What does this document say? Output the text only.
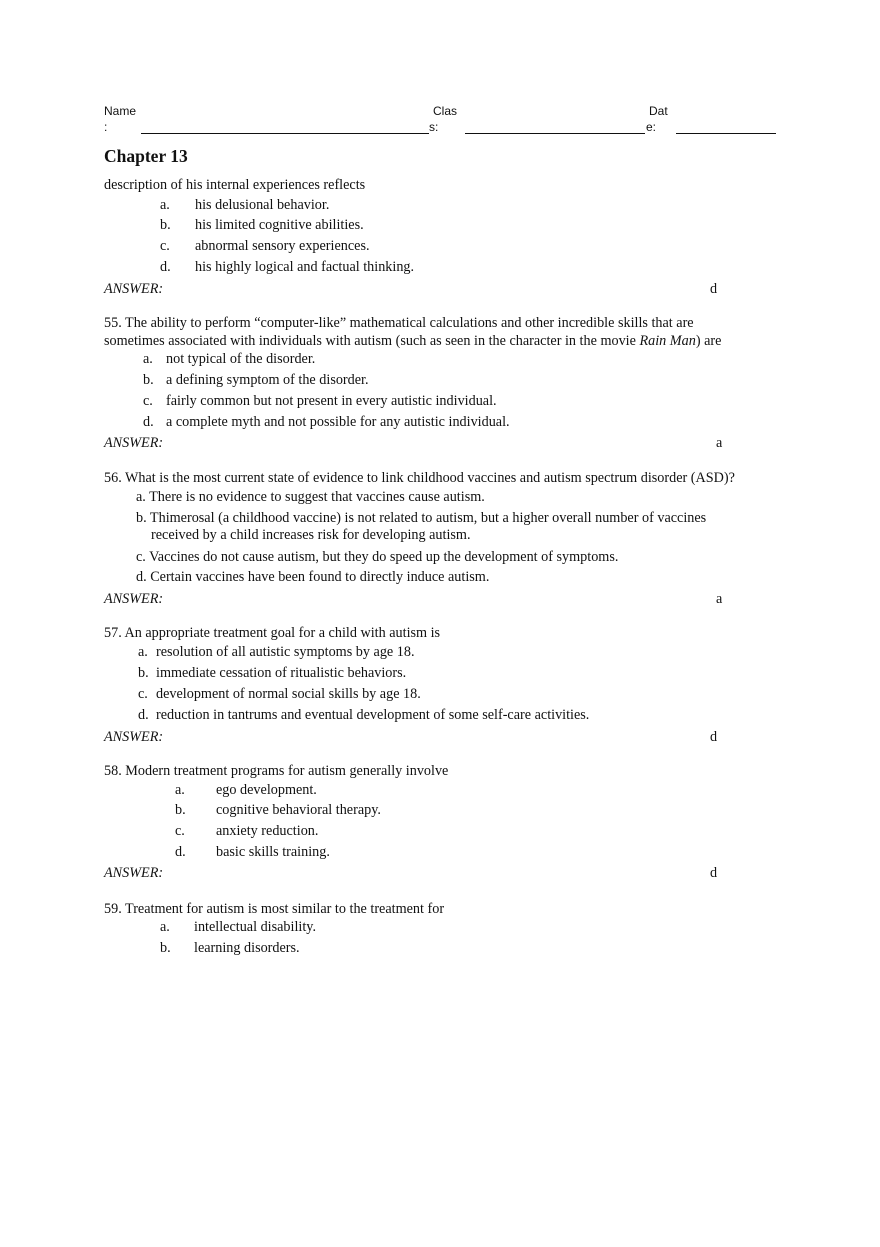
Name
:
Clas
s:
Dat
e:
Chapter 13
description of his internal experiences reflects
a. his delusional behavior.
b. his limited cognitive abilities.
c. abnormal sensory experiences.
d. his highly logical and factual thinking.
ANSWER:	d
55. The ability to perform “computer-like” mathematical calculations and other incredible skills that are
sometimes associated with individuals with autism (such as seen in the character in the movie Rain Man) are
a. not typical of the disorder.
b. a defining symptom of the disorder.
c. fairly common but not present in every autistic individual.
d. a complete myth and not possible for any autistic individual.
ANSWER:	a
56. What is the most current state of evidence to link childhood vaccines and autism spectrum disorder (ASD)?
a. There is no evidence to suggest that vaccines cause autism.
b. Thimerosal (a childhood vaccine) is not related to autism, but a higher overall number of vaccines
received by a child increases risk for developing autism.
c. Vaccines do not cause autism, but they do speed up the development of symptoms.
d. Certain vaccines have been found to directly induce autism.
ANSWER:	a
57. An appropriate treatment goal for a child with autism is
a. resolution of all autistic symptoms by age 18.
b. immediate cessation of ritualistic behaviors.
c. development of normal social skills by age 18.
d. reduction in tantrums and eventual development of some self-care activities.
ANSWER:	d
58. Modern treatment programs for autism generally involve
a. ego development.
b. cognitive behavioral therapy.
c. anxiety reduction.
d. basic skills training.
ANSWER:	d
59. Treatment for autism is most similar to the treatment for
a. intellectual disability.
b. learning disorders.
